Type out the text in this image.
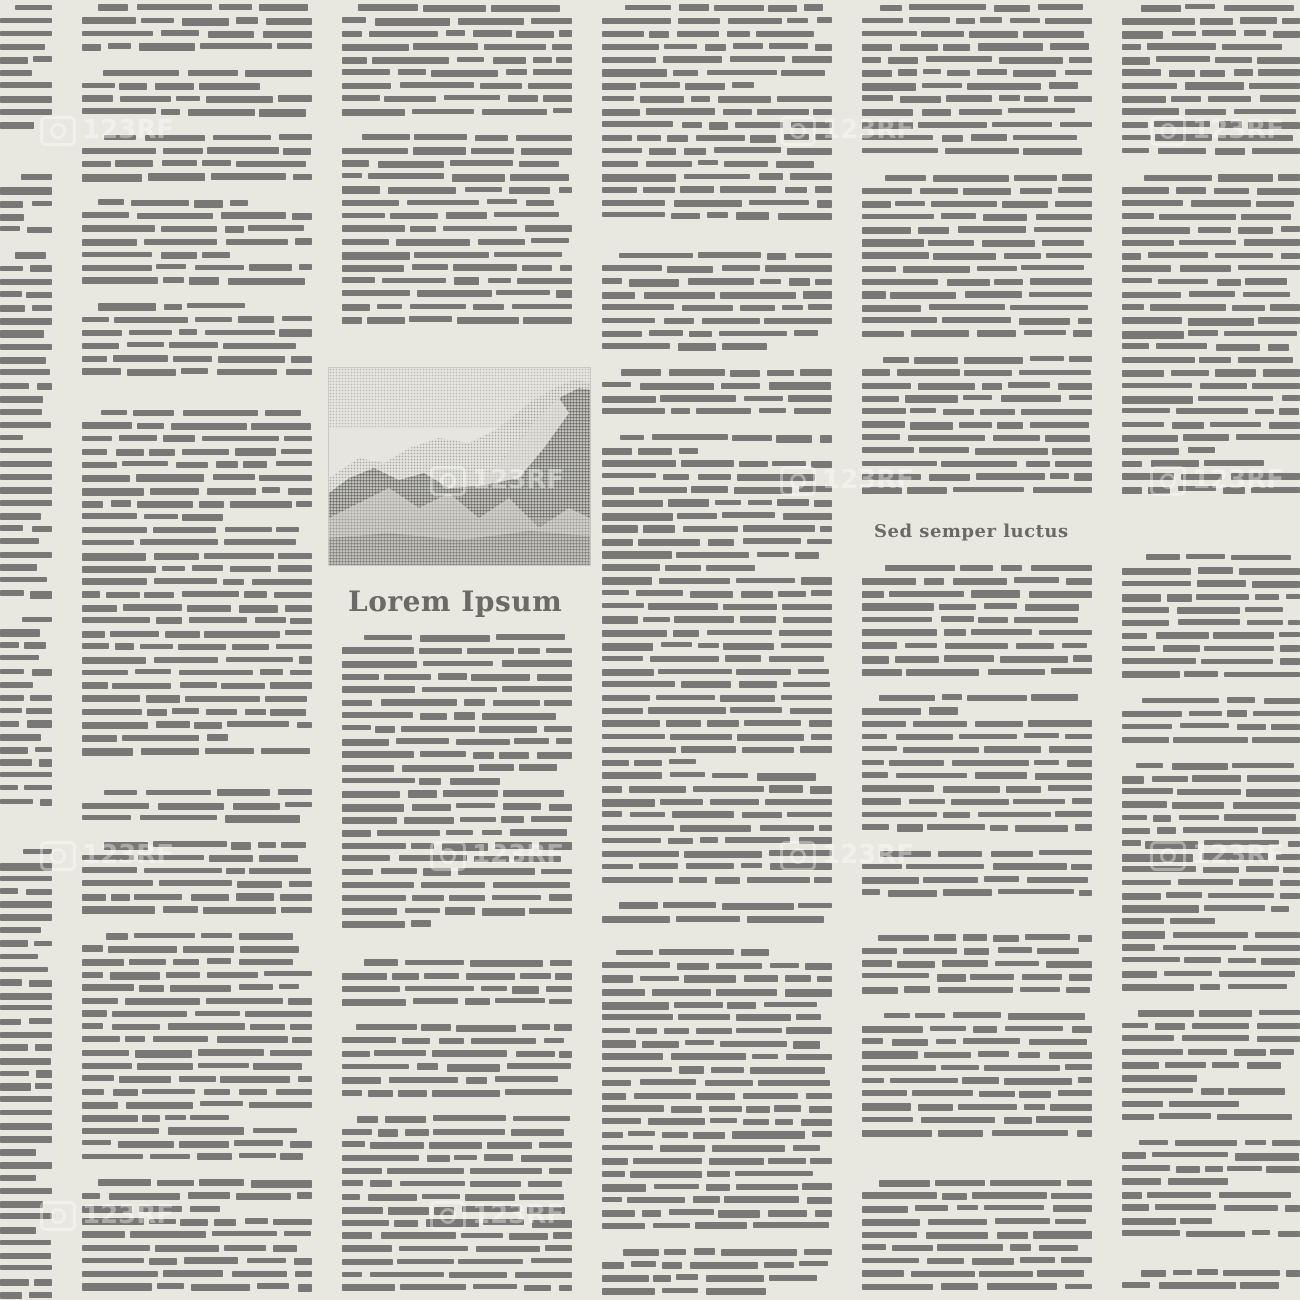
Lorem Ipsum
Sed semper luctus
123RF
123RF
123RF	123RF
123RF	123RF	123RF	123RF
123RF	123RF
123RF	123RF
